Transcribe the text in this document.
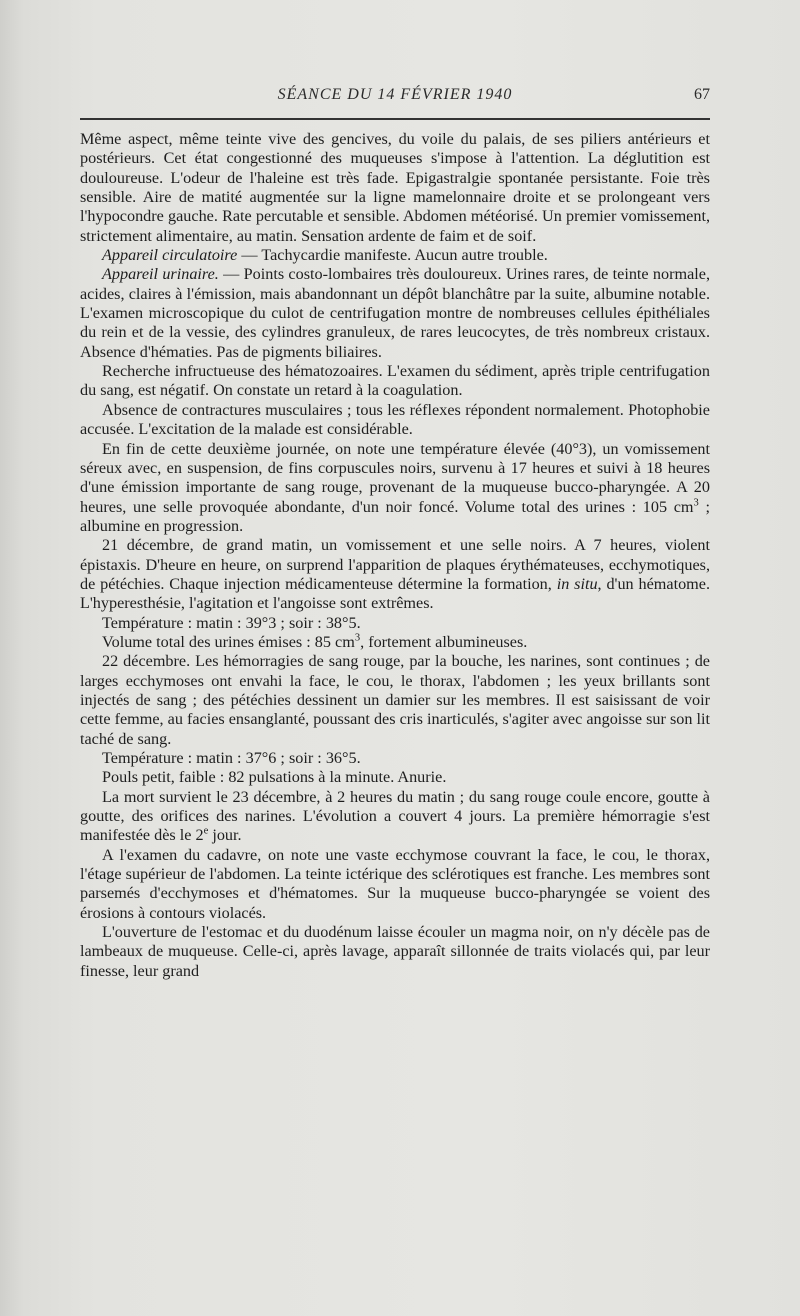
SÉANCE DU 14 FÉVRIER 1940	67

Même aspect, même teinte vive des gencives, du voile du palais, de ses piliers antérieurs et postérieurs. Cet état congestionné des muqueuses s'impose à l'attention. La déglutition est douloureuse. L'odeur de l'haleine est très fade. Epigastralgie spontanée persistante. Foie très sensible. Aire de matité augmentée sur la ligne mamelonnaire droite et se prolongeant vers l'hypocondre gauche. Rate percutable et sensible. Abdomen météorisé. Un premier vomissement, strictement alimentaire, au matin. Sensation ardente de faim et de soif.

Appareil circulatoire — Tachycardie manifeste. Aucun autre trouble.

Appareil urinaire. — Points costo-lombaires très douloureux. Urines rares, de teinte normale, acides, claires à l'émission, mais abandonnant un dépôt blanchâtre par la suite, albumine notable. L'examen microscopique du culot de centrifugation montre de nombreuses cellules épithéliales du rein et de la vessie, des cylindres granuleux, de rares leucocytes, de très nombreux cristaux. Absence d'hématies. Pas de pigments biliaires.

Recherche infructueuse des hématozoaires. L'examen du sédiment, après triple centrifugation du sang, est négatif. On constate un retard à la coagulation.

Absence de contractures musculaires ; tous les réflexes répondent normalement. Photophobie accusée. L'excitation de la malade est considérable.

En fin de cette deuxième journée, on note une température élevée (40°3), un vomissement séreux avec, en suspension, de fins corpuscules noirs, survenu à 17 heures et suivi à 18 heures d'une émission importante de sang rouge, provenant de la muqueuse bucco-pharyngée. A 20 heures, une selle provoquée abondante, d'un noir foncé. Volume total des urines : 105 $cm^3$ ; albumine en progression.

21 décembre, de grand matin, un vomissement et une selle noirs. A 7 heures, violent épistaxis. D'heure en heure, on surprend l'apparition de plaques érythémateuses, ecchymotiques, de pétéchies. Chaque injection médicamenteuse détermine la formation, in situ, d'un hématome. L'hyperesthésie, l'agitation et l'angoisse sont extrêmes.

Température : matin : 39°3 ; soir : 38°5.

Volume total des urines émises : 85 $cm^3$, fortement albumineuses.

22 décembre. Les hémorragies de sang rouge, par la bouche, les narines, sont continues ; de larges ecchymoses ont envahi la face, le cou, le thorax, l'abdomen ; les yeux brillants sont injectés de sang ; des pétéchies dessinent un damier sur les membres. Il est saisissant de voir cette femme, au facies ensanglanté, poussant des cris inarticulés, s'agiter avec angoisse sur son lit taché de sang.

Température : matin : 37°6 ; soir : 36°5.

Pouls petit, faible : 82 pulsations à la minute. Anurie.

La mort survient le 23 décembre, à 2 heures du matin ; du sang rouge coule encore, goutte à goutte, des orifices des narines. L'évolution a couvert 4 jours. La première hémorragie s'est manifestée dès le 2e jour.

A l'examen du cadavre, on note une vaste ecchymose couvrant la face, le cou, le thorax, l'étage supérieur de l'abdomen. La teinte ictérique des sclérotiques est franche. Les membres sont parsemés d'ecchymoses et d'hématomes. Sur la muqueuse bucco-pharyngée se voient des érosions à contours violacés.

L'ouverture de l'estomac et du duodénum laisse écouler un magma noir, on n'y décèle pas de lambeaux de muqueuse. Celle-ci, après lavage, apparaît sillonnée de traits violacés qui, par leur finesse, leur grand
